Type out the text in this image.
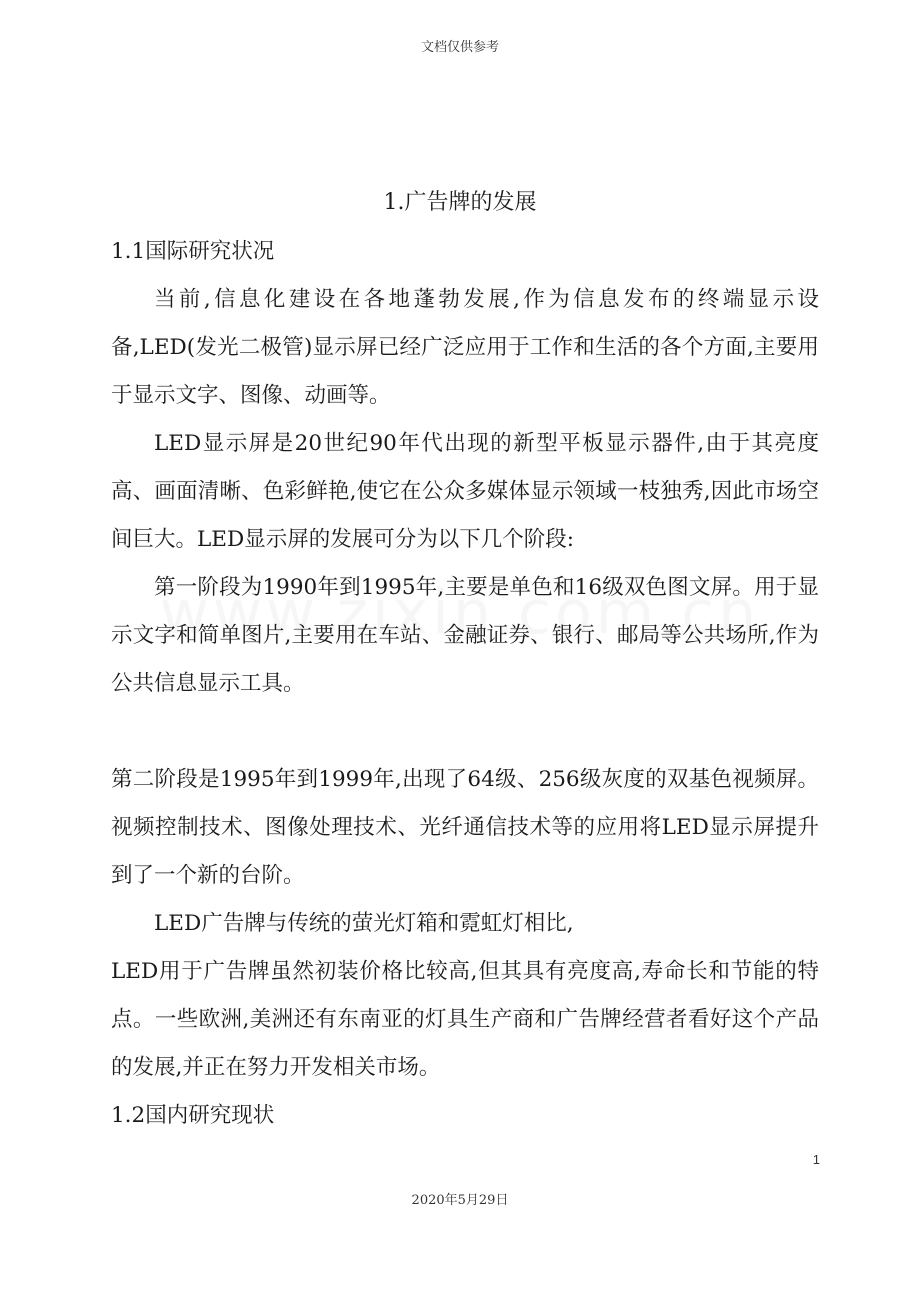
文档仅供参考
1.广告牌的发展
1.1国际研究状况

当前,信息化建设在各地蓬勃发展,作为信息发布的终端显示设备,LED(发光二极管)显示屏已经广泛应用于工作和生活的各个方面,主要用于显示文字、图像、动画等。

LED显示屏是20世纪90年代出现的新型平板显示器件,由于其亮度高、画面清晰、色彩鲜艳,使它在公众多媒体显示领域一枝独秀,因此市场空间巨大。LED显示屏的发展可分为以下几个阶段:

第一阶段为1990年到1995年,主要是单色和16级双色图文屏。用于显示文字和简单图片,主要用在车站、金融证券、银行、邮局等公共场所,作为公共信息显示工具。

第二阶段是1995年到1999年,出现了64级、256级灰度的双基色视频屏。视频控制技术、图像处理技术、光纤通信技术等的应用将LED显示屏提升到了一个新的台阶。

LED广告牌与传统的萤光灯箱和霓虹灯相比,

LED用于广告牌虽然初装价格比较高,但其具有亮度高,寿命长和节能的特点。一些欧洲,美洲还有东南亚的灯具生产商和广告牌经营者看好这个产品的发展,并正在努力开发相关市场。

1.2国内研究现状
1
2020年5月29日
